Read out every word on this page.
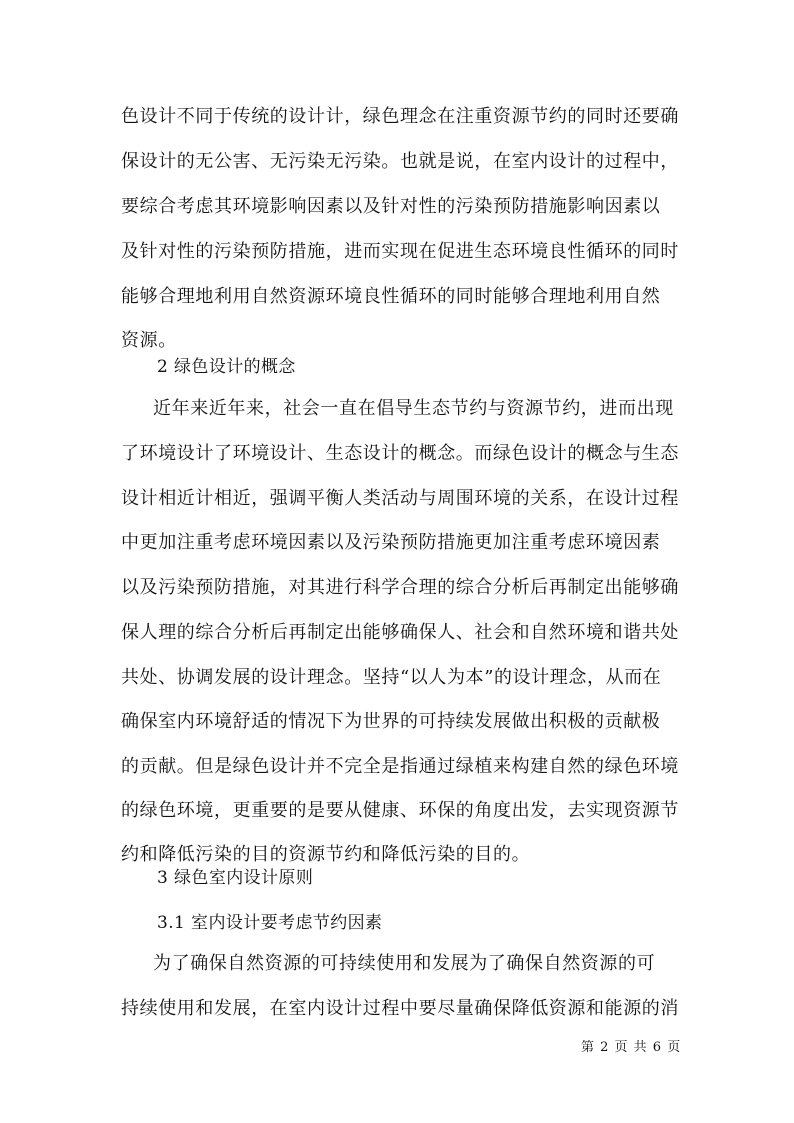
色设计不同于传统的设计计，绿色理念在注重资源节约的同时还要确
保设计的无公害、无污染无污染。也就是说，在室内设计的过程中，
要综合考虑其环境影响因素以及针对性的污染预防措施影响因素以
及针对性的污染预防措施，进而实现在促进生态环境良性循环的同时
能够合理地利用自然资源环境良性循环的同时能够合理地利用自然
资源。
2 绿色设计的概念
近年来近年来，社会一直在倡导生态节约与资源节约，进而出现
了环境设计了环境设计、生态设计的概念。而绿色设计的概念与生态
设计相近计相近，强调平衡人类活动与周围环境的关系，在设计过程
中更加注重考虑环境因素以及污染预防措施更加注重考虑环境因素
以及污染预防措施，对其进行科学合理的综合分析后再制定出能够确
保人理的综合分析后再制定出能够确保人、社会和自然环境和谐共处
共处、协调发展的设计理念。坚持“以人为本”的设计理念，从而在
确保室内环境舒适的情况下为世界的可持续发展做出积极的贡献极
的贡献。但是绿色设计并不完全是指通过绿植来构建自然的绿色环境
的绿色环境，更重要的是要从健康、环保的角度出发，去实现资源节
约和降低污染的目的资源节约和降低污染的目的。
3 绿色室内设计原则
3.1 室内设计要考虑节约因素
为了确保自然资源的可持续使用和发展为了确保自然资源的可
持续使用和发展，在室内设计过程中要尽量确保降低资源和能源的消
第 2 页 共 6 页
